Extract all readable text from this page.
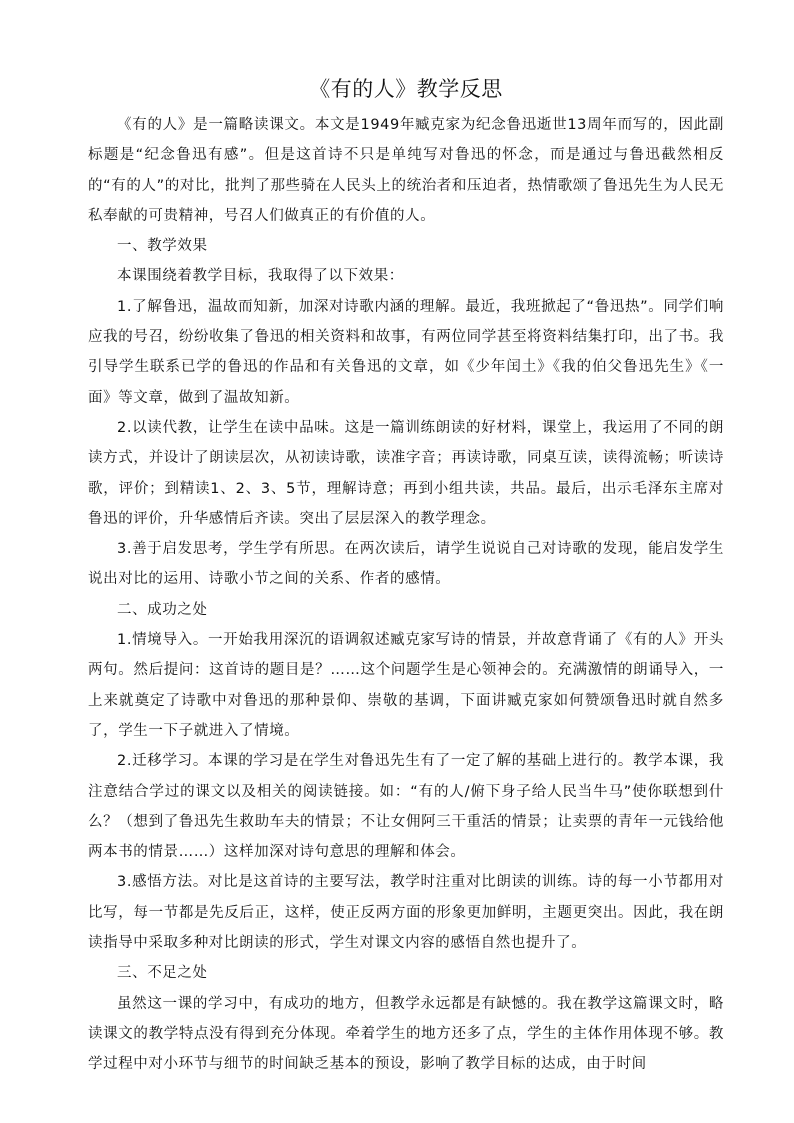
《有的人》教学反思

《有的人》是一篇略读课文。本文是1949年臧克家为纪念鲁迅逝世13周年而写的，因此副标题是“纪念鲁迅有感”。但是这首诗不只是单纯写对鲁迅的怀念，而是通过与鲁迅截然相反的“有的人”的对比，批判了那些骑在人民头上的统治者和压迫者，热情歌颂了鲁迅先生为人民无私奉献的可贵精神，号召人们做真正的有价值的人。

一、教学效果

本课围绕着教学目标，我取得了以下效果：

1.了解鲁迅，温故而知新，加深对诗歌内涵的理解。最近，我班掀起了“鲁迅热”。同学们响应我的号召，纷纷收集了鲁迅的相关资料和故事，有两位同学甚至将资料结集打印，出了书。我引导学生联系已学的鲁迅的作品和有关鲁迅的文章，如《少年闰土》《我的伯父鲁迅先生》《一面》等文章，做到了温故知新。

2.以读代教，让学生在读中品味。这是一篇训练朗读的好材料，课堂上，我运用了不同的朗读方式，并设计了朗读层次，从初读诗歌，读准字音；再读诗歌，同桌互读，读得流畅；听读诗歌，评价；到精读1、2、3、5节，理解诗意；再到小组共读，共品。最后，出示毛泽东主席对鲁迅的评价，升华感情后齐读。突出了层层深入的教学理念。

3.善于启发思考，学生学有所思。在两次读后，请学生说说自己对诗歌的发现，能启发学生说出对比的运用、诗歌小节之间的关系、作者的感情。

二、成功之处

1.情境导入。一开始我用深沉的语调叙述臧克家写诗的情景，并故意背诵了《有的人》开头两句。然后提问：这首诗的题目是？……这个问题学生是心领神会的。充满激情的朗诵导入，一上来就奠定了诗歌中对鲁迅的那种景仰、崇敬的基调，下面讲臧克家如何赞颂鲁迅时就自然多了，学生一下子就进入了情境。

2.迁移学习。本课的学习是在学生对鲁迅先生有了一定了解的基础上进行的。教学本课，我注意结合学过的课文以及相关的阅读链接。如：“有的人/俯下身子给人民当牛马”使你联想到什么？（想到了鲁迅先生救助车夫的情景；不让女佣阿三干重活的情景；让卖票的青年一元钱给他两本书的情景……）这样加深对诗句意思的理解和体会。

3.感悟方法。对比是这首诗的主要写法，教学时注重对比朗读的训练。诗的每一小节都用对比写，每一节都是先反后正，这样，使正反两方面的形象更加鲜明，主题更突出。因此，我在朗读指导中采取多种对比朗读的形式，学生对课文内容的感悟自然也提升了。

三、不足之处

虽然这一课的学习中，有成功的地方，但教学永远都是有缺憾的。我在教学这篇课文时，略读课文的教学特点没有得到充分体现。牵着学生的地方还多了点，学生的主体作用体现不够。教学过程中对小环节与细节的时间缺乏基本的预设，影响了教学目标的达成，由于时间
